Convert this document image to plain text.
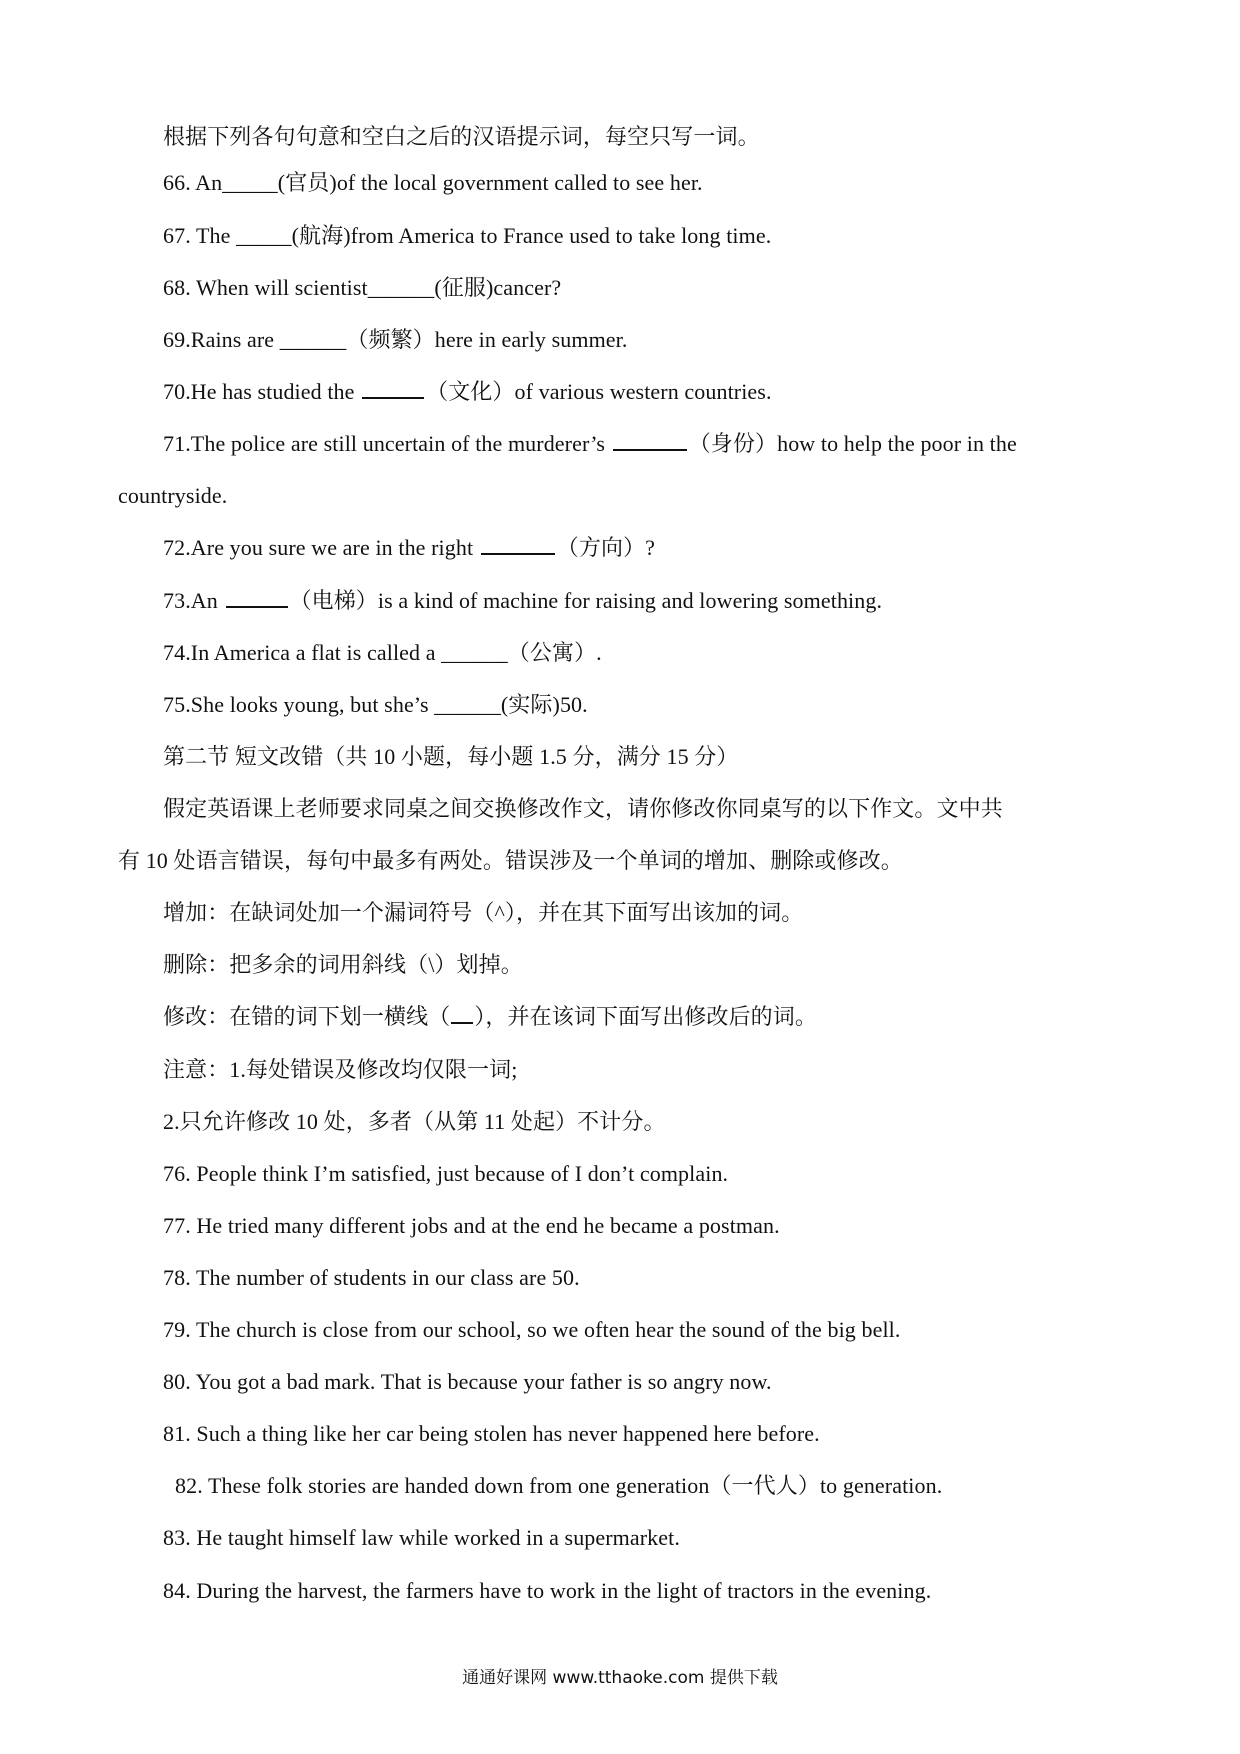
根据下列各句句意和空白之后的汉语提示词，每空只写一词。
66. An_____(官员)of the local government called to see her.
67. The _____(航海)from America to France used to take long time.
68. When will scientist______(征服)cancer?
69.Rains are ______（频繁）here in early summer.
70.He has studied the	（文化）of various western countries.
71.The police are still uncertain of the murderer’s	（身份）how to help the poor in the
countryside.
72.Are you sure we are in the right	（方向）?
73.An	（电梯）is a kind of machine for raising and lowering something.
74.In America a flat is called a ______（公寓）.
75.She looks young, but she’s ______(实际)50.
第二节 短文改错（共 10 小题，每小题 1.5 分，满分 15 分）
假定英语课上老师要求同桌之间交换修改作文，请你修改你同桌写的以下作文。文中共
有 10 处语言错误，每句中最多有两处。错误涉及一个单词的增加、删除或修改。
增加：在缺词处加一个漏词符号（^），并在其下面写出该加的词。
删除：把多余的词用斜线（\）划掉。
修改：在错的词下划一横线（ ），并在该词下面写出修改后的词。
注意：1.每处错误及修改均仅限一词;
2.只允许修改 10 处，多者（从第 11 处起）不计分。
76. People think I’m satisfied, just because of I don’t complain.
77. He tried many different jobs and at the end he became a postman.
78. The number of students in our class are 50.
79. The church is close from our school, so we often hear the sound of the big bell.
80. You got a bad mark. That is because your father is so angry now.
81. Such a thing like her car being stolen has never happened here before.
82. These folk stories are handed down from one generation（一代人）to generation.
83. He taught himself law while worked in a supermarket.
84. During the harvest, the farmers have to work in the light of tractors in the evening.
通通好课网 www.tthaoke.com 提供下载
